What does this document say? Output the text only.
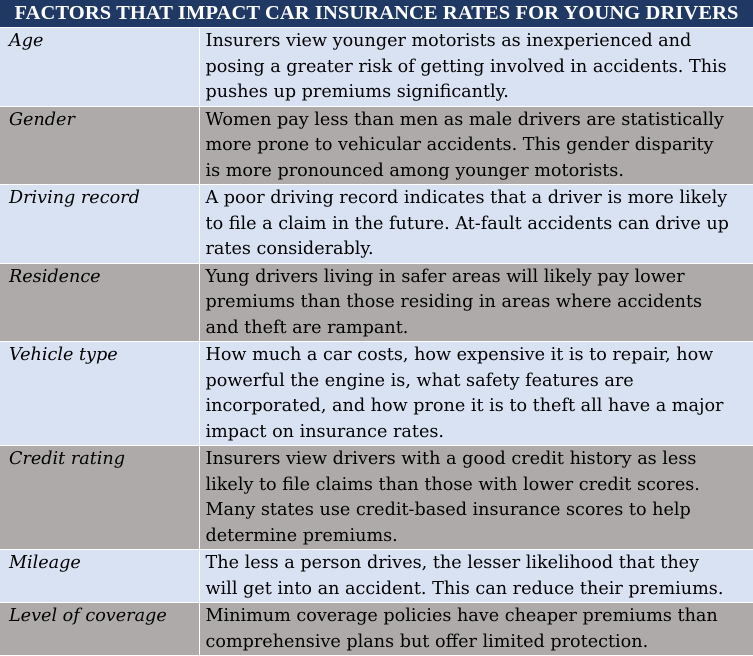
FACTORS THAT IMPACT CAR INSURANCE RATES FOR YOUNG DRIVERS	
Age	Insurers view younger motorists as inexperienced and
posing a greater risk of getting involved in accidents. This
pushes up premiums significantly.

Gender	Women pay less than men as male drivers are statistically
more prone to vehicular accidents. This gender disparity
is more pronounced among younger motorists.

Driving record	A poor driving record indicates that a driver is more likely
to file a claim in the future. At-fault accidents can drive up
rates considerably.

Residence	Yung drivers living in safer areas will likely pay lower
premiums than those residing in areas where accidents
and theft are rampant.

Vehicle type	How much a car costs, how expensive it is to repair, how
powerful the engine is, what safety features are
incorporated, and how prone it is to theft all have a major
impact on insurance rates.

Credit rating	Insurers view drivers with a good credit history as less
likely to file claims than those with lower credit scores.
Many states use credit-based insurance scores to help
determine premiums.

Mileage	The less a person drives, the lesser likelihood that they
will get into an accident. This can reduce their premiums.

Level of coverage	Minimum coverage policies have cheaper premiums than
comprehensive plans but offer limited protection.
